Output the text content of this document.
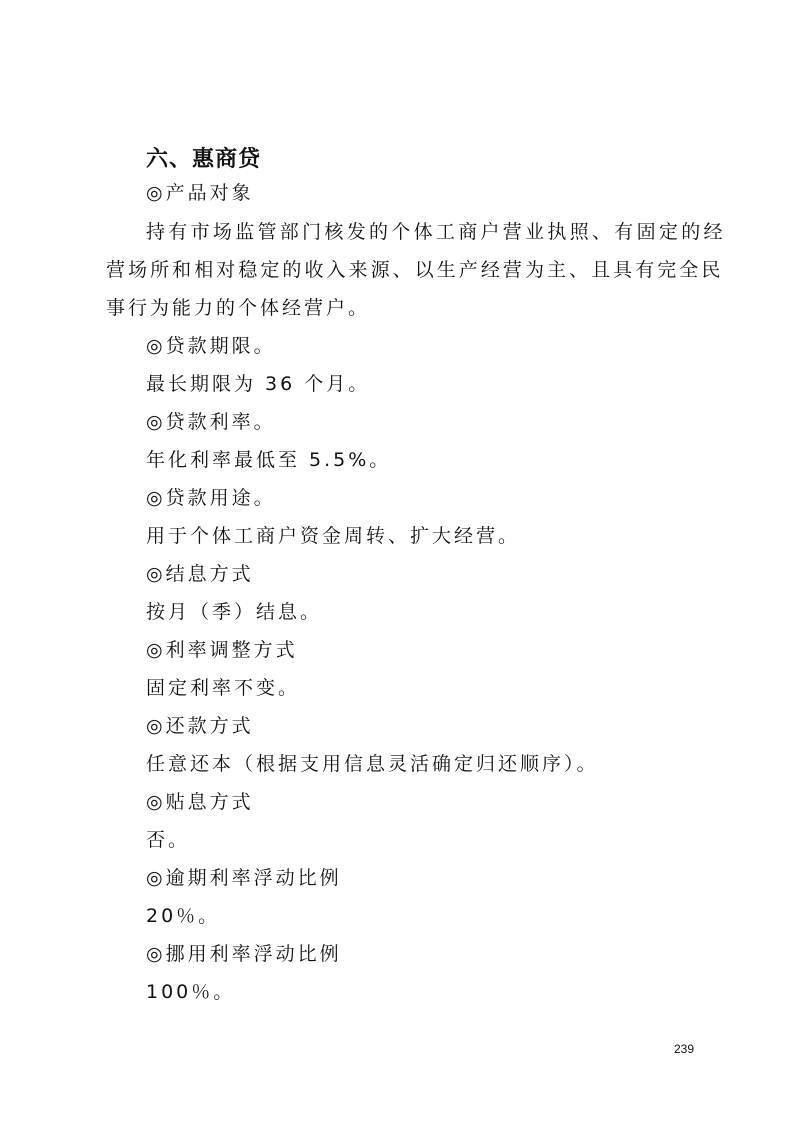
六、惠商贷
◎产品对象
持有市场监管部门核发的个体工商户营业执照、有固定的经
营场所和相对稳定的收入来源、以生产经营为主、且具有完全民
事行为能力的个体经营户。
◎贷款期限。
最长期限为 36 个月。
◎贷款利率。
年化利率最低至 5.5%。
◎贷款用途。
用于个体工商户资金周转、扩大经营。
◎结息方式
按月（季）结息。
◎利率调整方式
固定利率不变。
◎还款方式
任意还本（根据支用信息灵活确定归还顺序）。
◎贴息方式
否。
◎逾期利率浮动比例
20％。
◎挪用利率浮动比例
100％。
239
